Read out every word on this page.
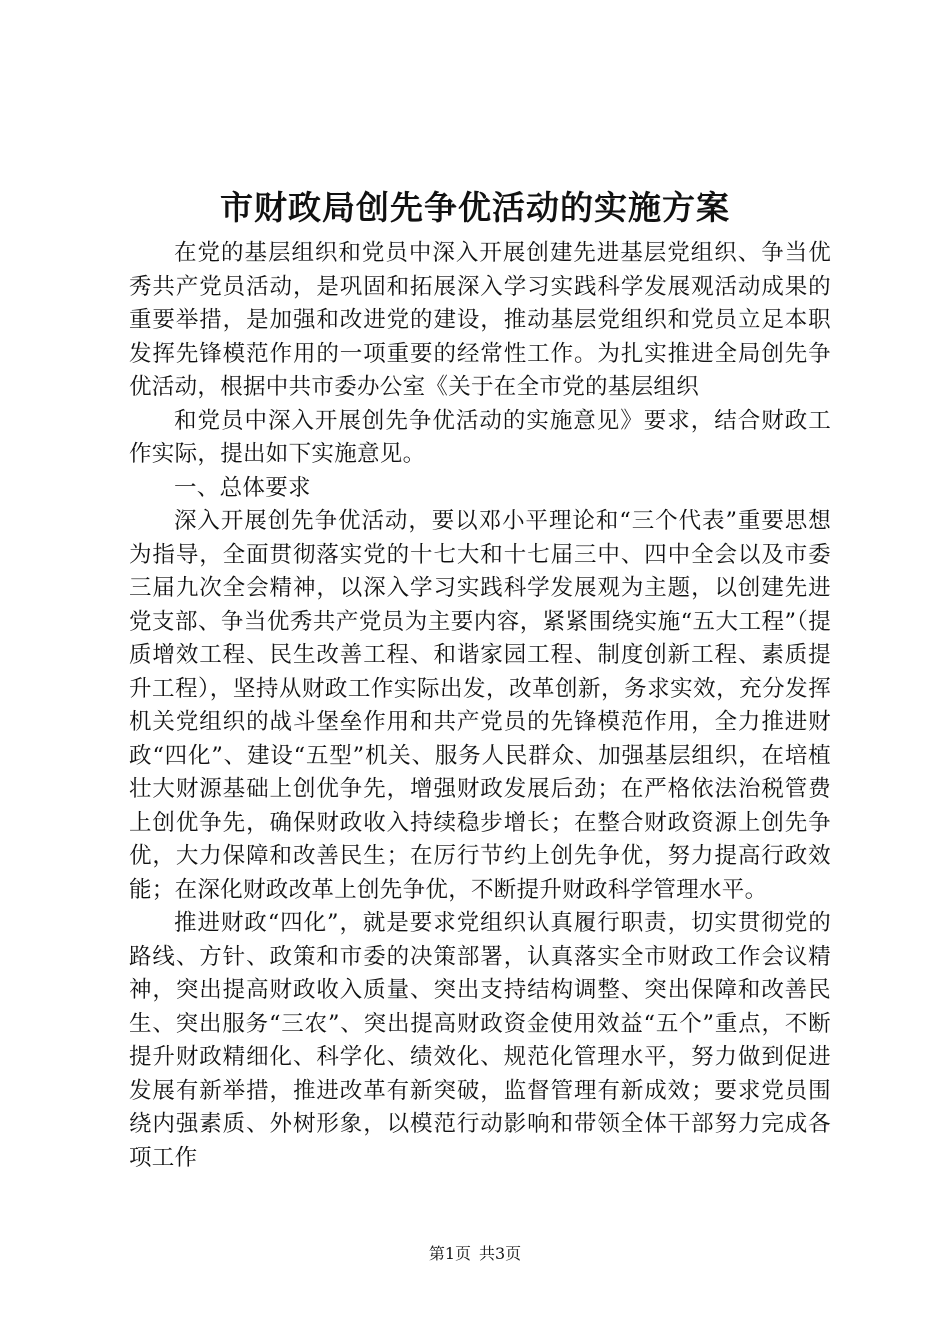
市财政局创先争优活动的实施方案

在党的基层组织和党员中深入开展创建先进基层党组织、争当优秀共产党员活动，是巩固和拓展深入学习实践科学发展观活动成果的重要举措，是加强和改进党的建设，推动基层党组织和党员立足本职发挥先锋模范作用的一项重要的经常性工作。为扎实推进全局创先争优活动，根据中共市委办公室《关于在全市党的基层组织

和党员中深入开展创先争优活动的实施意见》要求，结合财政工作实际，提出如下实施意见。

一、总体要求

深入开展创先争优活动，要以邓小平理论和“三个代表”重要思想为指导，全面贯彻落实党的十七大和十七届三中、四中全会以及市委三届九次全会精神，以深入学习实践科学发展观为主题，以创建先进党支部、争当优秀共产党员为主要内容，紧紧围绕实施“五大工程”（提质增效工程、民生改善工程、和谐家园工程、制度创新工程、素质提升工程），坚持从财政工作实际出发，改革创新，务求实效，充分发挥机关党组织的战斗堡垒作用和共产党员的先锋模范作用，全力推进财政“四化”、建设“五型”机关、服务人民群众、加强基层组织，在培植壮大财源基础上创优争先，增强财政发展后劲；在严格依法治税管费上创优争先，确保财政收入持续稳步增长；在整合财政资源上创先争优，大力保障和改善民生；在厉行节约上创先争优，努力提高行政效能；在深化财政改革上创先争优，不断提升财政科学管理水平。

推进财政“四化”，就是要求党组织认真履行职责，切实贯彻党的路线、方针、政策和市委的决策部署，认真落实全市财政工作会议精神，突出提高财政收入质量、突出支持结构调整、突出保障和改善民生、突出服务“三农”、突出提高财政资金使用效益“五个”重点，不断提升财政精细化、科学化、绩效化、规范化管理水平，努力做到促进发展有新举措，推进改革有新突破，监督管理有新成效；要求党员围绕内强素质、外树形象，以模范行动影响和带领全体干部努力完成各项工作

第1页 共3页
